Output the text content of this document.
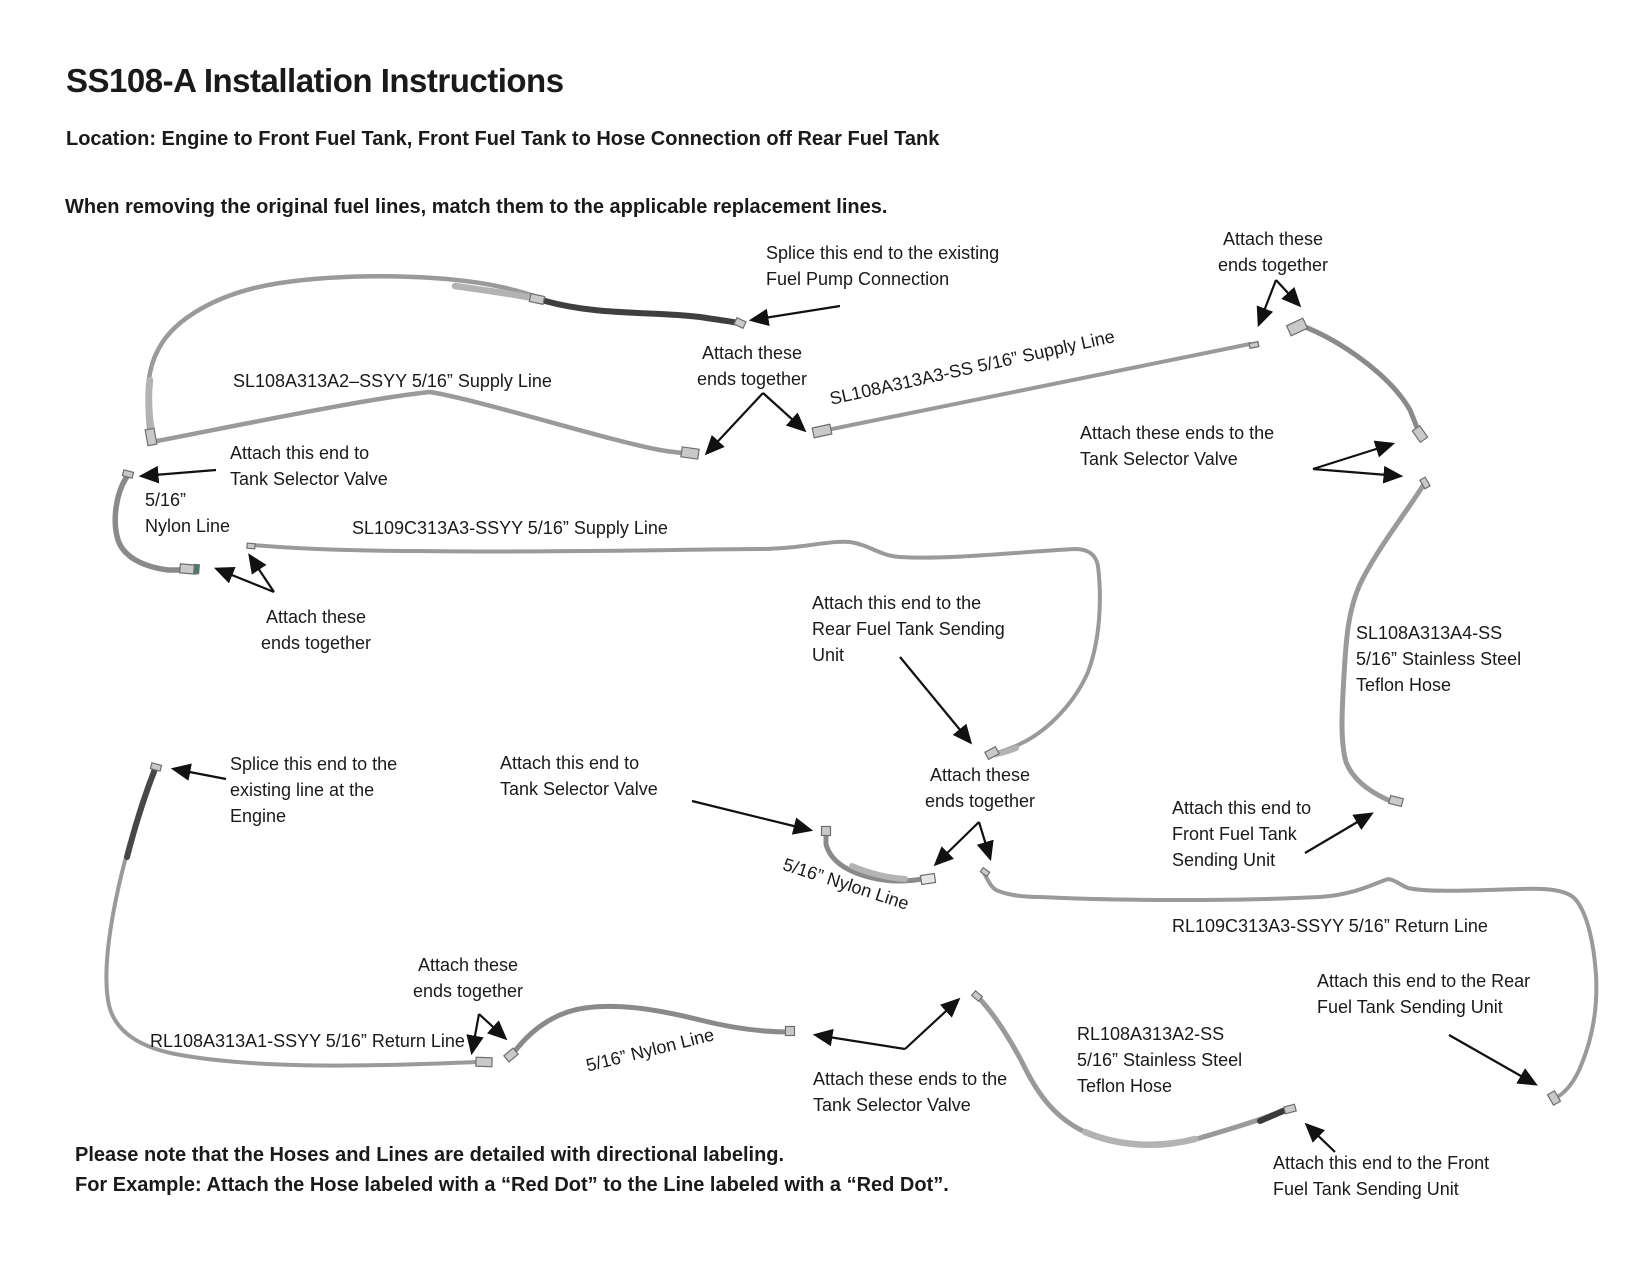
SS108-A Installation Instructions
Location: Engine to Front Fuel Tank, Front Fuel Tank to Hose Connection off Rear Fuel Tank
When removing the original fuel lines, match them to the applicable replacement lines.
Splice this end to the existing
Fuel Pump Connection
Attach these
ends together
SL108A313A2–SSYY 5/16” Supply Line	SL108A313A3-SS 5/16” Supply Line
Attach these
ends together
Attach these ends to the
Tank Selector Valve
Attach this end to
Tank Selector Valve
5/16”
Nylon Line	SL109C313A3-SSYY 5/16” Supply Line
Attach these
ends together
Attach this end to the
Rear Fuel Tank Sending
Unit
Attach this end to
Tank Selector Valve
Splice this end to the
existing line at the
Engine
Attach these
ends together
SL108A313A4-SS
5/16” Stainless Steel
Teflon Hose
Attach this end to
Front Fuel Tank
Sending Unit
5/16” Nylon Line
RL109C313A3-SSYY 5/16” Return Line
Attach this end to the Rear
Fuel Tank Sending Unit
Attach these
ends together
RL108A313A1-SSYY 5/16” Return Line	5/16” Nylon Line
Attach these ends to the
Tank Selector Valve
RL108A313A2-SS
5/16” Stainless Steel
Teflon Hose
Attach this end to the Front
Fuel Tank Sending Unit
Please note that the Hoses and Lines are detailed with directional labeling.
For Example: Attach the Hose labeled with a “Red Dot” to the Line labeled with a “Red Dot”.
